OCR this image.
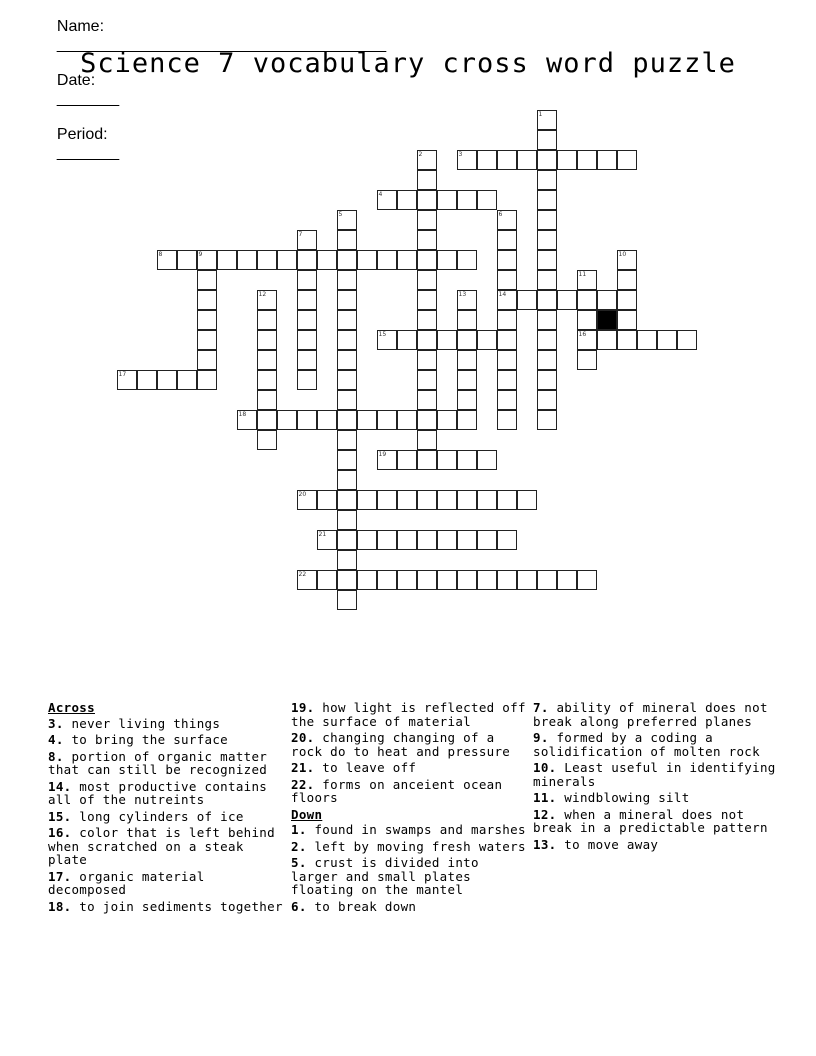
Name:
_____________________________________

Date:
_______

Period:
_______

Science 7 vocabulary cross word puzzle
1
2	3
4
5	6
14
7
8	9	10
11
16
12	13
15
17
18
19
20
21
22
Across
3. never living things
4. to bring the surface
8. portion of organic matter that can still be recognized
14. most productive contains all of the nutreints
15. long cylinders of ice
16. color that is left behind when scratched on a steak plate
17. organic material decomposed
18. to join sediments together
19. how light is reflected off the surface of material
20. changing changing of a rock do to heat and pressure
21. to leave off
22. forms on anceient ocean floors
Down
1. found in swamps and marshes
2. left by moving fresh waters
5. crust is divided into larger and small plates floating on the mantel
6. to break down
7. ability of mineral does not break along preferred planes
9. formed by a coding a solidification of molten rock
10. Least useful in identifying minerals
11. windblowing silt
12. when a mineral does not break in a predictable pattern
13. to move away
